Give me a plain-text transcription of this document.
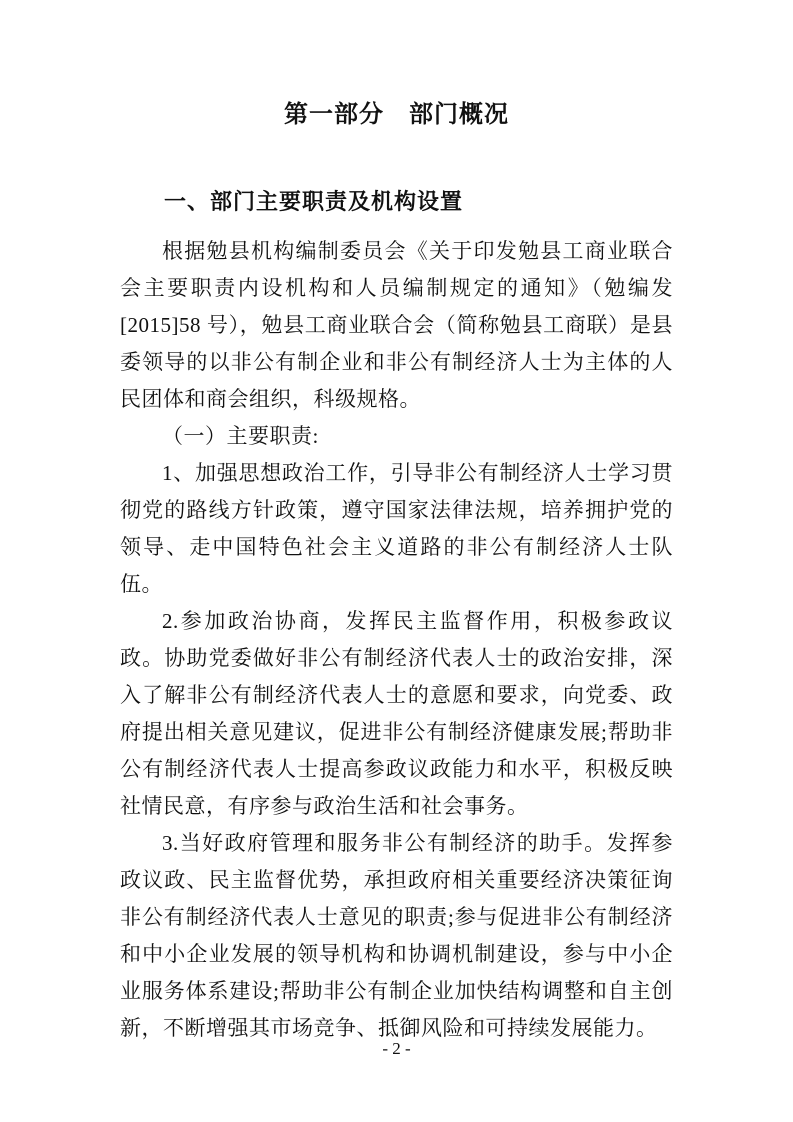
第一部分　部门概况
一、部门主要职责及机构设置

根据勉县机构编制委员会《关于印发勉县工商业联合会主要职责内设机构和人员编制规定的通知》（勉编发[2015]58 号），勉县工商业联合会（简称勉县工商联）是县委领导的以非公有制企业和非公有制经济人士为主体的人民团体和商会组织，科级规格。

（一）主要职责:

1、加强思想政治工作，引导非公有制经济人士学习贯彻党的路线方针政策，遵守国家法律法规，培养拥护党的领导、走中国特色社会主义道路的非公有制经济人士队伍。

2.参加政治协商，发挥民主监督作用，积极参政议政。协助党委做好非公有制经济代表人士的政治安排，深入了解非公有制经济代表人士的意愿和要求，向党委、政府提出相关意见建议，促进非公有制经济健康发展;帮助非公有制经济代表人士提高参政议政能力和水平，积极反映社情民意，有序参与政治生活和社会事务。

3.当好政府管理和服务非公有制经济的助手。发挥参政议政、民主监督优势，承担政府相关重要经济决策征询非公有制经济代表人士意见的职责;参与促进非公有制经济和中小企业发展的领导机构和协调机制建设，参与中小企业服务体系建设;帮助非公有制企业加快结构调整和自主创新，不断增强其市场竞争、抵御风险和可持续发展能力。

- 2 -
